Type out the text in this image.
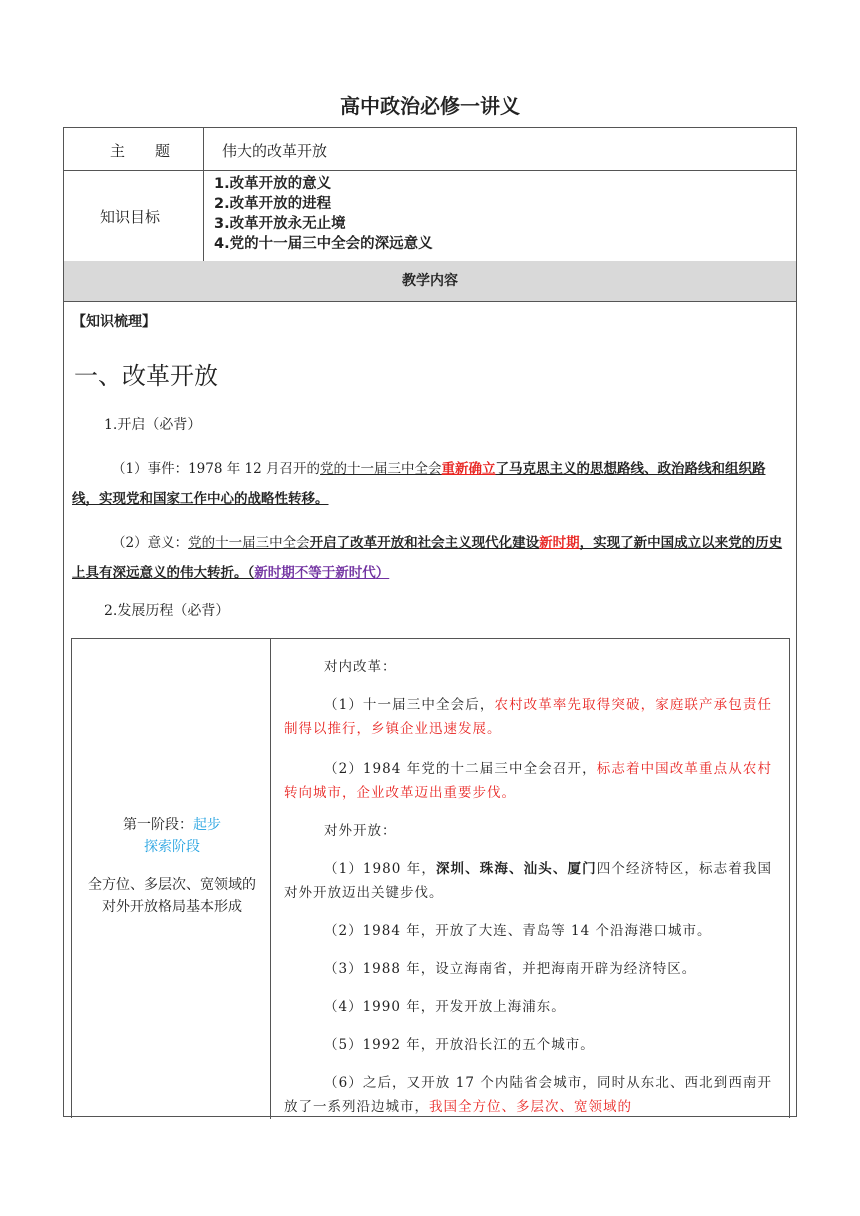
高中政治必修一讲义
主　　题	伟大的改革开放
知识目标
1.改革开放的意义
2.改革开放的进程
3.改革开放永无止境
4.党的十一届三中全会的深远意义
教学内容
【知识梳理】
一、改革开放
1.开启（必背）
（1）事件：1978 年 12 月召开的党的十一届三中全会重新确立了马克思主义的思想路线、政治路线和组织路线，实现党和国家工作中心的战略性转移。
（2）意义：党的十一届三中全会开启了改革开放和社会主义现代化建设新时期，实现了新中国成立以来党的历史上具有深远意义的伟大转折。（新时期不等于新时代）
2.发展历程（必背）

第一阶段：起步
探索阶段

全方位、多层次、宽领域的对外开放格局基本形成

对内改革：

（1）十一届三中全会后，农村改革率先取得突破，家庭联产承包责任制得以推行，乡镇企业迅速发展。

（2）1984 年党的十二届三中全会召开，标志着中国改革重点从农村转向城市，企业改革迈出重要步伐。

对外开放：

（1）1980 年，深圳、珠海、汕头、厦门四个经济特区，标志着我国对外开放迈出关键步伐。

（2）1984 年，开放了大连、青岛等 14 个沿海港口城市。

（3）1988 年，设立海南省，并把海南开辟为经济特区。

（4）1990 年，开发开放上海浦东。

（5）1992 年，开放沿长江的五个城市。

（6）之后，又开放 17 个内陆省会城市，同时从东北、西北到西南开放了一系列沿边城市，我国全方位、多层次、宽领域的
